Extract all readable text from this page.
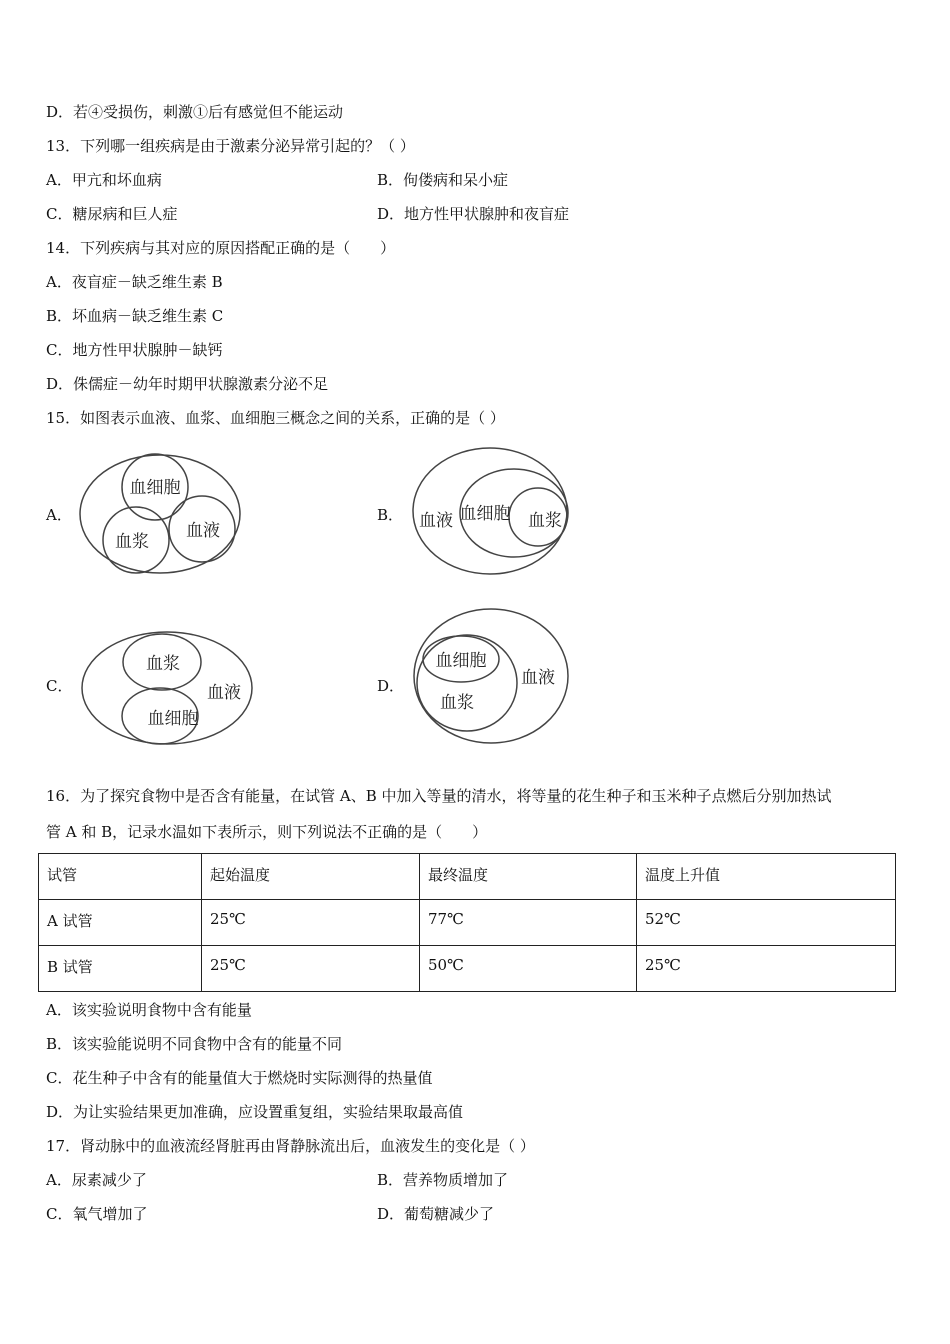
D．若④受损伤，刺激①后有感觉但不能运动
13．下列哪一组疾病是由于激素分泌异常引起的？（ ）
A．甲亢和坏血病	B．佝偻病和呆小症
C．糖尿病和巨人症	D．地方性甲状腺肿和夜盲症
14．下列疾病与其对应的原因搭配正确的是（　　）
A．夜盲症－缺乏维生素 B
B．坏血病－缺乏维生素 C
C．地方性甲状腺肿－缺钙
D．侏儒症－幼年时期甲状腺激素分泌不足
15．如图表示血液、血浆、血细胞三概念之间的关系，正确的是（ ）
A．
血细胞
血浆
血液
B． 血液 血细胞 血浆
C．
血浆
血细胞
血液	D．
血细胞
血浆
血液
16．为了探究食物中是否含有能量，在试管 A、B 中加入等量的清水，将等量的花生种子和玉米种子点燃后分别加热试
管 A 和 B，记录水温如下表所示，则下列说法不正确的是（　　）
试管	起始温度	最终温度	温度上升值
A 试管	25℃	77℃	52℃
B 试管	25℃	50℃	25℃
A．该实验说明食物中含有能量
B．该实验能说明不同食物中含有的能量不同
C．花生种子中含有的能量值大于燃烧时实际测得的热量值
D．为让实验结果更加准确，应设置重复组，实验结果取最高值
17．肾动脉中的血液流经肾脏再由肾静脉流出后，血液发生的变化是（ ）
A．尿素减少了	B．营养物质增加了
C．氧气增加了	D．葡萄糖减少了
